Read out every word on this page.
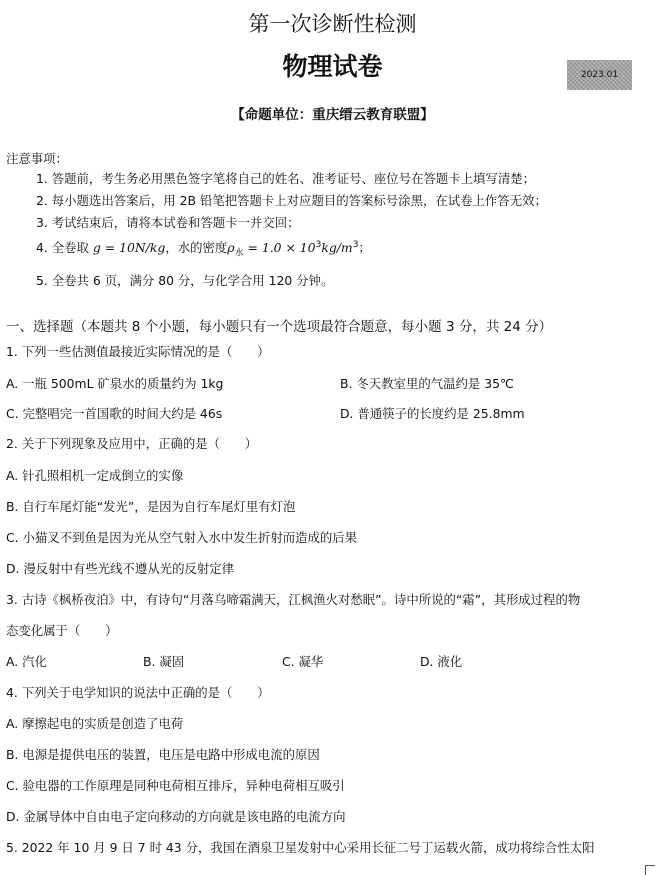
第一次诊断性检测
物理试卷	2023.01
【命题单位：重庆缙云教育联盟】
注意事项：
1. 答题前，考生务必用黑色签字笔将自己的姓名、准考证号、座位号在答题卡上填写清楚；
2. 每小题选出答案后，用 2B 铅笔把答题卡上对应题目的答案标号涂黑，在试卷上作答无效；
3. 考试结束后，请将本试卷和答题卡一并交回；
4. 全卷取 g = 10N/kg，水的密度$\rho_水 = 1.0 \times 10^3kg/m^3$；
5. 全卷共 6 页，满分 80 分，与化学合用 120 分钟。
一、选择题（本题共 8 个小题，每小题只有一个选项最符合题意，每小题 3 分，共 24 分）
1. 下列一些估测值最接近实际情况的是（　　）
A. 一瓶 500mL 矿泉水的质量约为 1kg	B. 冬天教室里的气温约是 35℃
C. 完整唱完一首国歌的时间大约是 46s	D. 普通筷子的长度约是 25.8mm
2. 关于下列现象及应用中，正确的是（　　）
A. 针孔照相机一定成倒立的实像
B. 自行车尾灯能“发光”，是因为自行车尾灯里有灯泡
C. 小猫叉不到鱼是因为光从空气射入水中发生折射而造成的后果
D. 漫反射中有些光线不遵从光的反射定律
3. 古诗《枫桥夜泊》中，有诗句“月落乌啼霜满天，江枫渔火对愁眠”。诗中所说的“霜”，其形成过程的物
态变化属于（　　）
A. 汽化	B. 凝固	C. 凝华	D. 液化
4. 下列关于电学知识的说法中正确的是（　　）
A. 摩擦起电的实质是创造了电荷
B. 电源是提供电压的装置，电压是电路中形成电流的原因
C. 验电器的工作原理是同种电荷相互排斥，异种电荷相互吸引
D. 金属导体中自由电子定向移动的方向就是该电路的电流方向
5. 2022 年 10 月 9 日 7 时 43 分，我国在酒泉卫星发射中心采用长征二号丁运载火箭，成功将综合性太阳
